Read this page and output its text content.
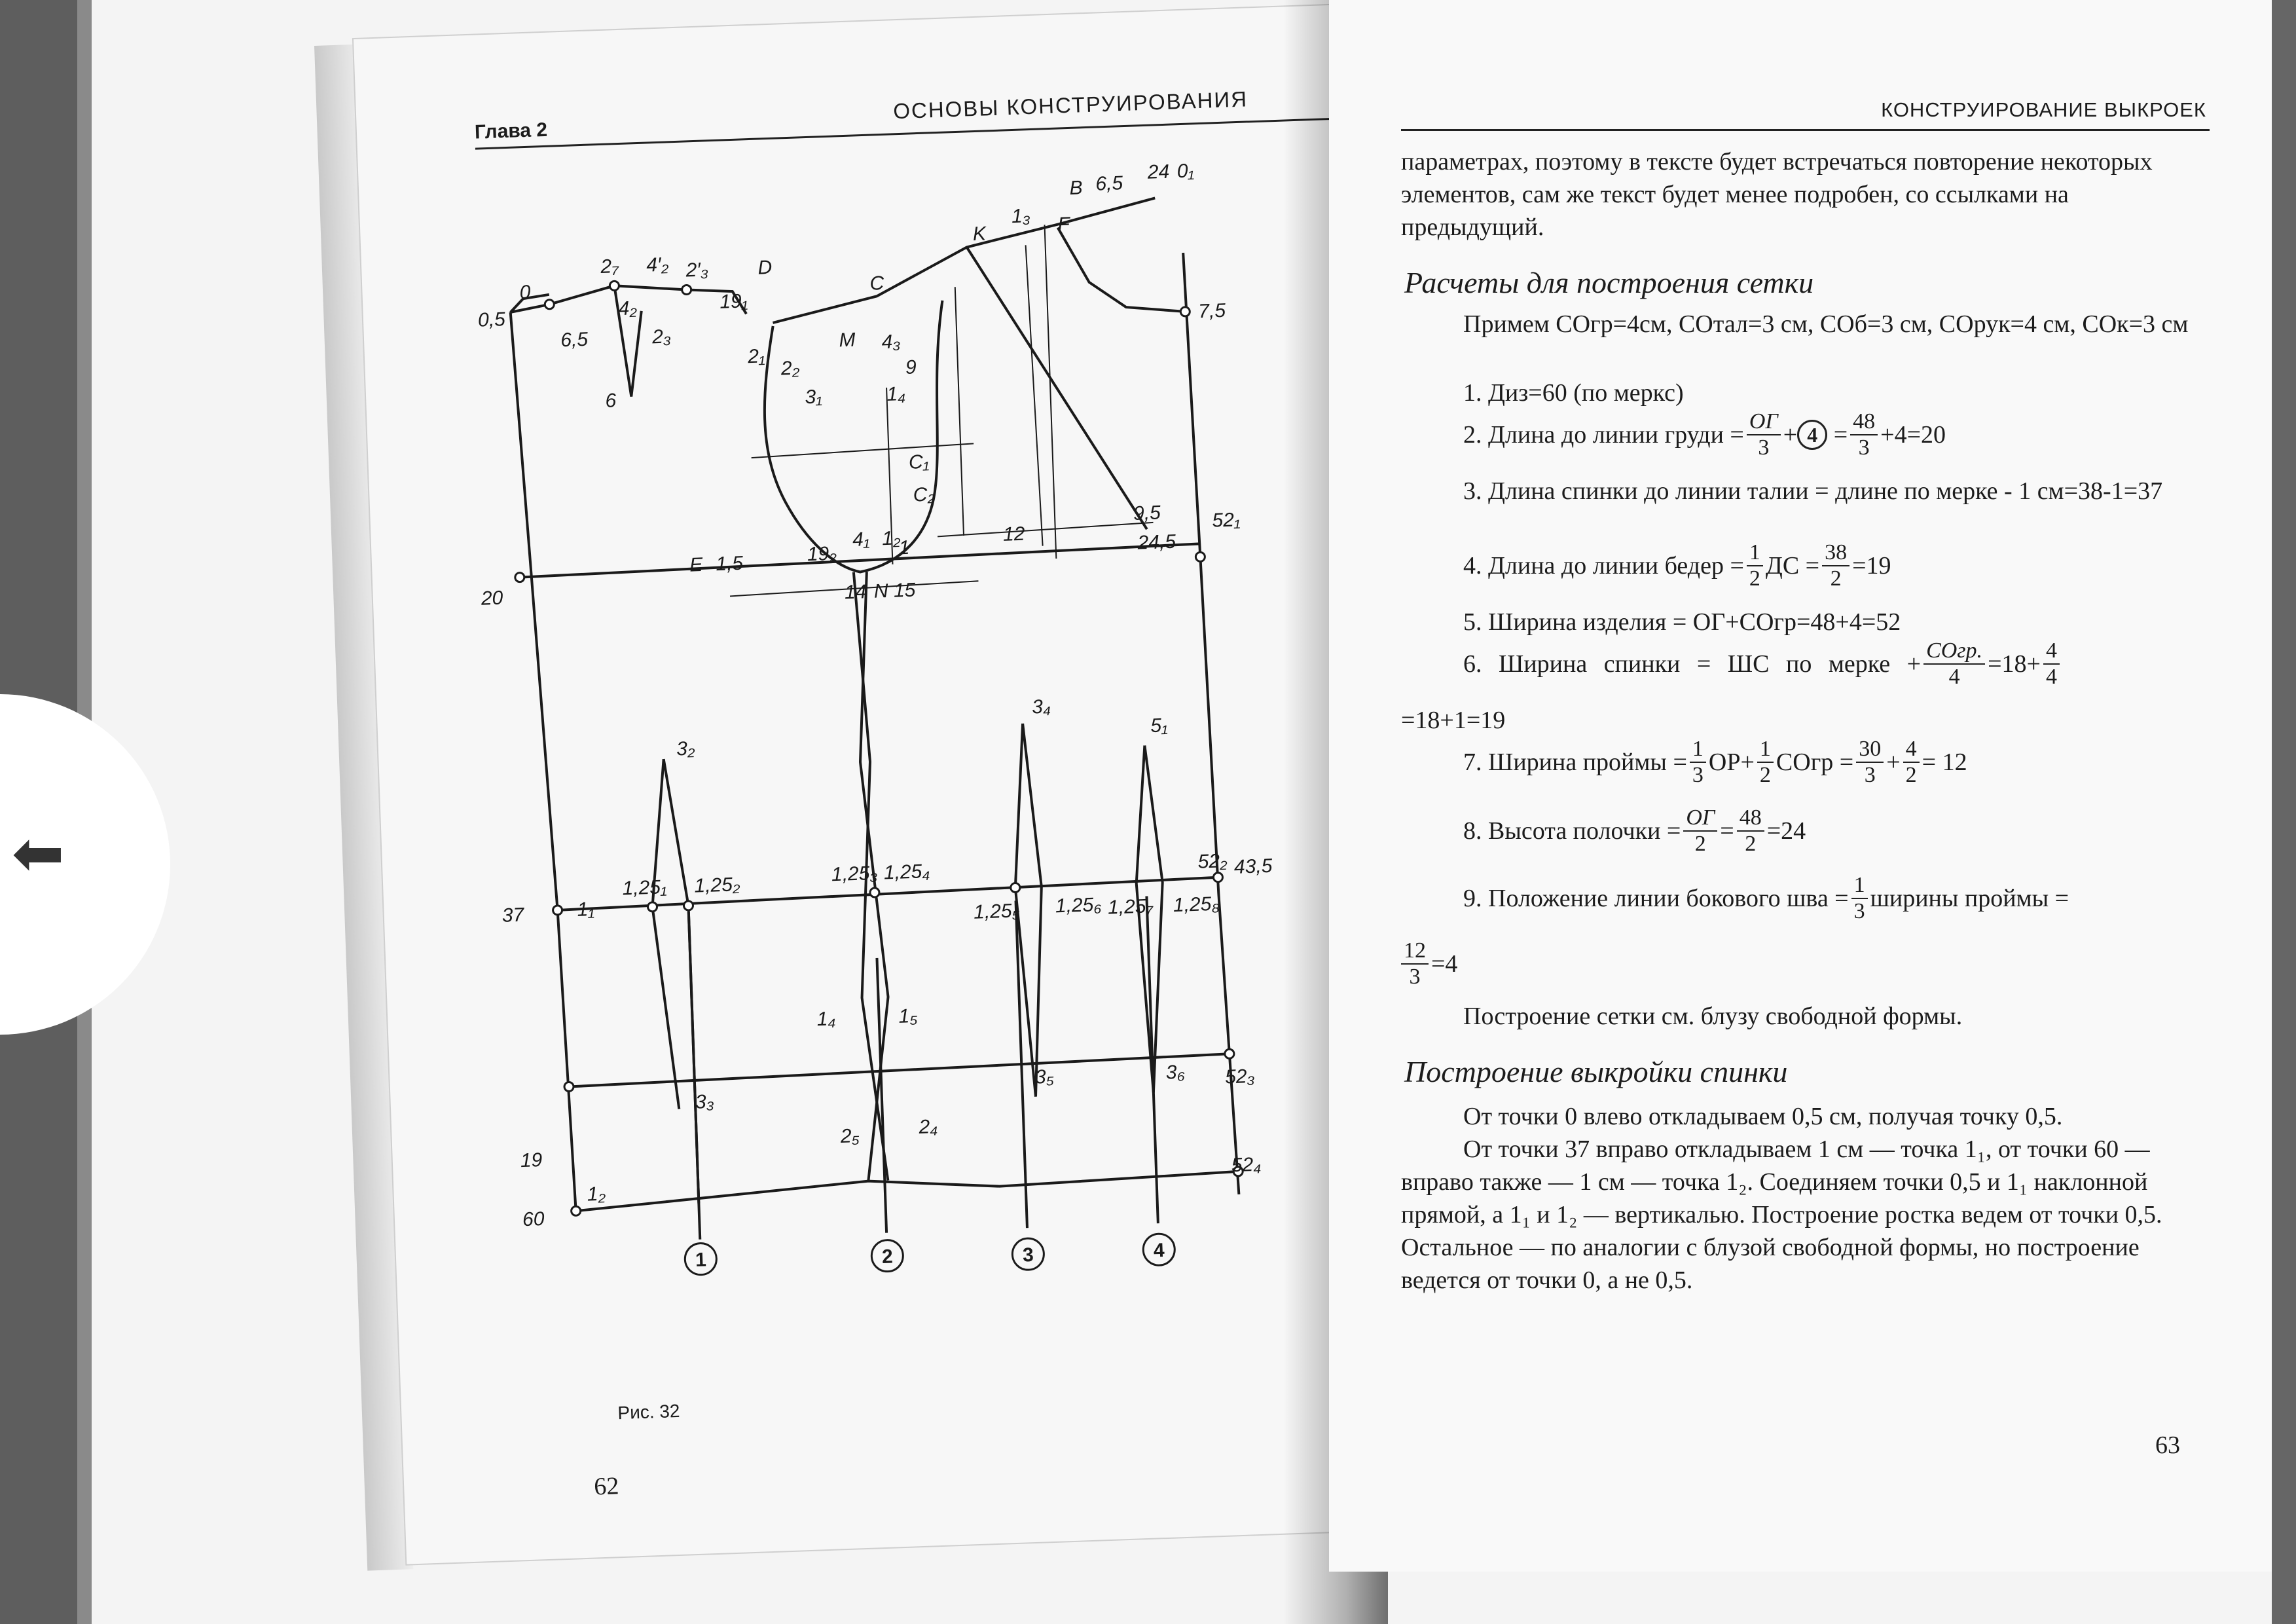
⬅
Глава 2
ОСНОВЫ КОНСТРУИРОВАНИЯ
0
2₇ 4′₂ 2′₃ D
19₁
C
K
B
1₃ F
6,5
24 0₁
7,5
0,5
6,5
4₂
2₃
6
2₁
M 4₃
2₂
3₁
9
1₄
C₁
C₂
52₁
9,5
E 1,5	19₂
4₁ 1₂
1
12	24,5
20	14 N 15
3₂
3₄
5₁
52₂
1₁
1,25₁ 1,25₂	1,25₃ 1,25₄
1,25₅ 1,25₆ 1,25₇ 1,25₈
37
43,5
1₄	1₅
3₃
3₅	3₆ 52₃
2₅	2₄
19	52₄
1₂
60
1	2	3	4
Рис. 32
62
КОНСТРУИРОВАНИЕ ВЫКРОЕК
параметрах, поэтому в тексте будет встречаться повторение некоторых элементов, сам же текст будет менее подробен, со ссылками на предыдущий.
Расчеты для построения сетки
Примем СОгр=4см, СОтал=3 см, СОб=3 см, СОрук=4 см, СОк=3 см
1. Диз=60 (по меркс)
2. Длина до линии груди = $\frac{ОГ}{3} + 4$
= $\frac{48}{3} +4=20$
3. Длина спинки до линии талии = длине по мерке - 1 см=38-1=37
4. Длина до линии бедер = $\frac{1}{2}$ ДС = $\frac{38}{2} =19$
5. Ширина изделия = ОГ+СОгр=48+4=52
6. Ширина спинки = ШС по мерке + $\frac{\text{СОгр.}}{4} =18+ \frac{4}{4}$
=18+1=19
7. Ширина проймы = $\frac{1}{3} ОР+ \frac{1}{2}$ СОгр = $\frac{30}{3} + \frac{4}{2} = 12$
8. Высота полочки = $\frac{ОГ}{2} = \frac{48}{2} =24$
9. Положение линии бокового шва = $\frac{1}{3}$ ширины проймы =
$\frac{12}{3} =4$
Построение сетки см. блузу свободной формы.
Построение выкройки спинки
От точки 0 влево откладываем 0,5 см, получая точку 0,5.
От точки 37 вправо откладываем 1 см — точка 1₁, от точки 60 — вправо также — 1 см — точка 1₂. Соединяем точки 0,5 и 1₁ наклонной прямой, а 1₁ и 1₂ — вертикалью. Построение ростка ведем от точки 0,5. Остальное — по аналогии с блузой свободной формы, но построение ведется от точки 0, а не 0,5.
63
